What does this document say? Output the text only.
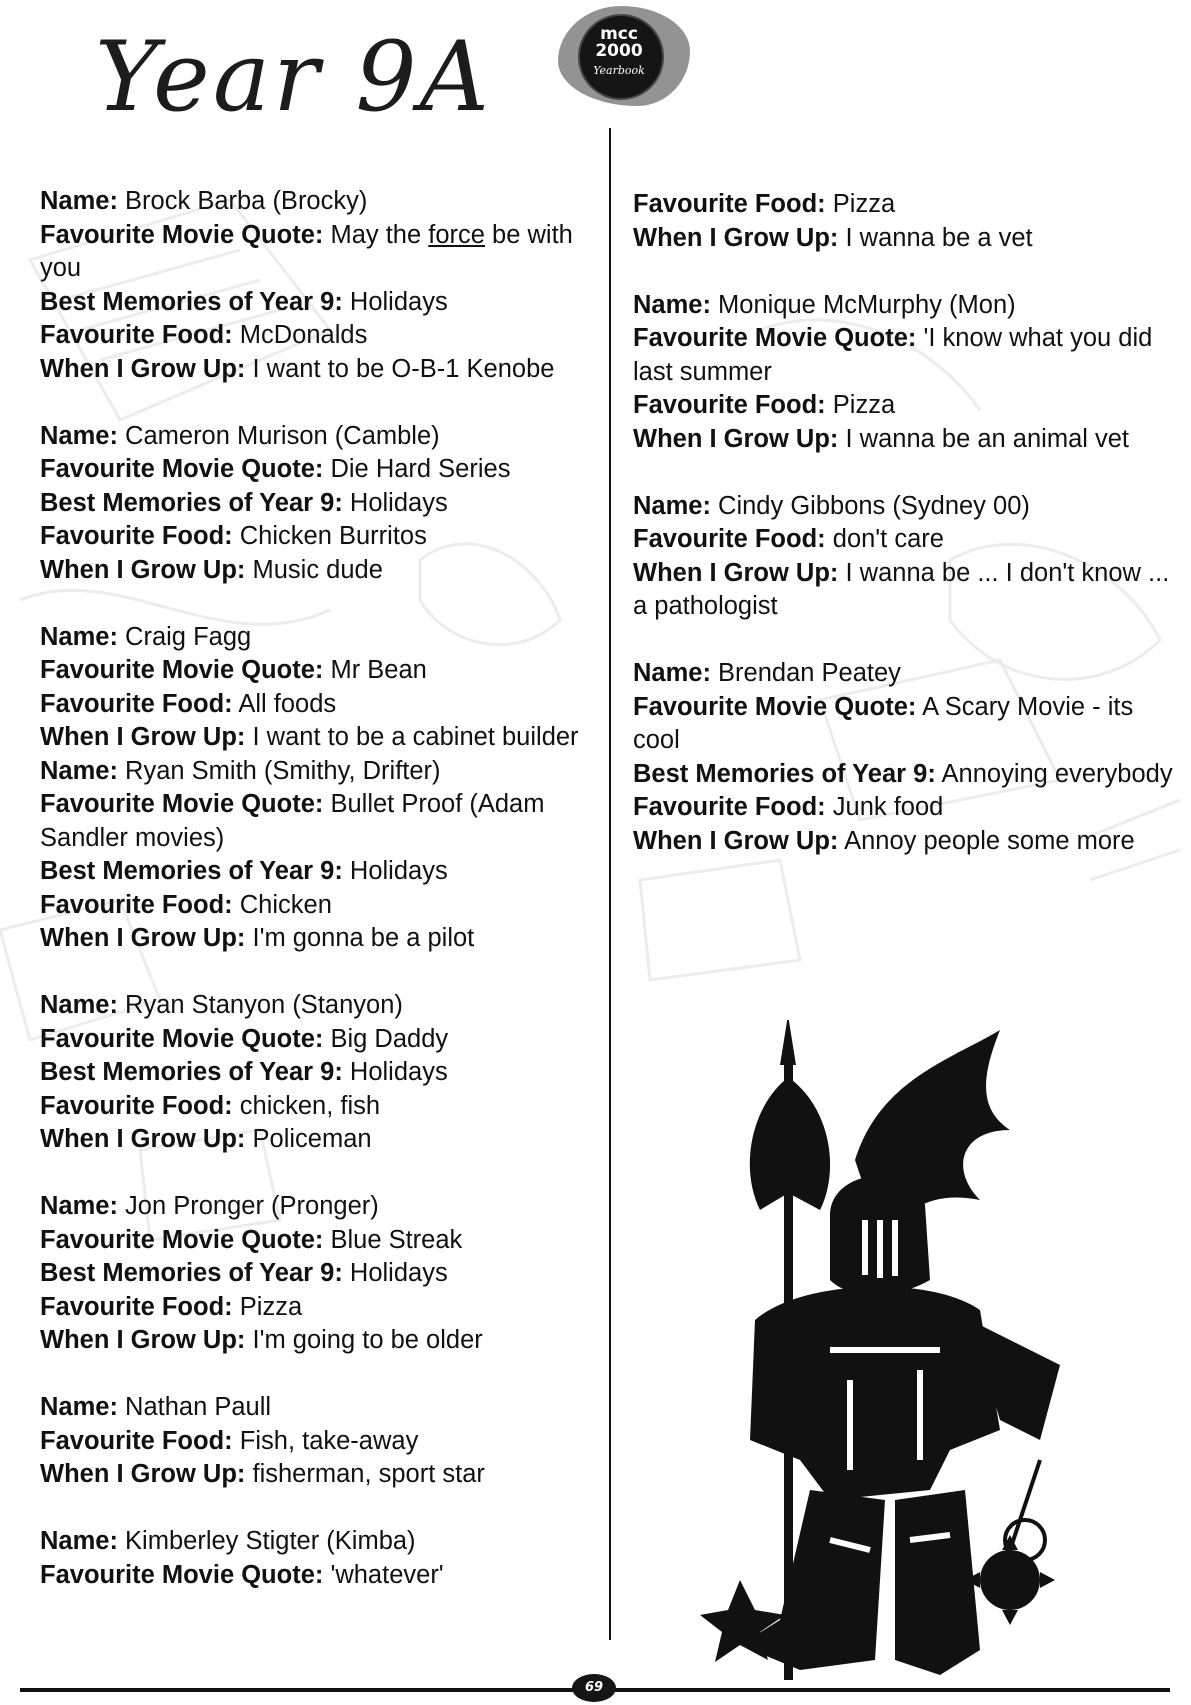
Year 9A	mcc
2000
Yearbook
Name: Brock Barba (Brocky)
Favourite Movie Quote: May the force be with you
Best Memories of Year 9: Holidays
Favourite Food: McDonalds
When I Grow Up: I want to be O-B-1 Kenobe
Name: Cameron Murison (Camble)
Favourite Movie Quote: Die Hard Series
Best Memories of Year 9: Holidays
Favourite Food: Chicken Burritos
When I Grow Up: Music dude
Name: Craig Fagg
Favourite Movie Quote: Mr Bean
Favourite Food: All foods
When I Grow Up: I want to be a cabinet builder
Name: Ryan Smith (Smithy, Drifter)
Favourite Movie Quote: Bullet Proof (Adam Sandler movies)
Best Memories of Year 9: Holidays
Favourite Food: Chicken
When I Grow Up: I'm gonna be a pilot
Name: Ryan Stanyon (Stanyon)
Favourite Movie Quote: Big Daddy
Best Memories of Year 9: Holidays
Favourite Food: chicken, fish
When I Grow Up: Policeman
Name: Jon Pronger (Pronger)
Favourite Movie Quote: Blue Streak
Best Memories of Year 9: Holidays
Favourite Food: Pizza
When I Grow Up: I'm going to be older
Name: Nathan Paull
Favourite Food: Fish, take-away
When I Grow Up: fisherman, sport star
Name: Kimberley Stigter (Kimba)
Favourite Movie Quote: 'whatever'
Favourite Food: Pizza
When I Grow Up: I wanna be a vet
Name: Monique McMurphy (Mon)
Favourite Movie Quote: 'I know what you did last summer
Favourite Food: Pizza
When I Grow Up: I wanna be an animal vet
Name: Cindy Gibbons (Sydney 00)
Favourite Food: don't care
When I Grow Up: I wanna be ... I don't know ... a pathologist
Name: Brendan Peatey
Favourite Movie Quote: A Scary Movie - its cool
Best Memories of Year 9: Annoying everybody
Favourite Food: Junk food
When I Grow Up: Annoy people some more
69
